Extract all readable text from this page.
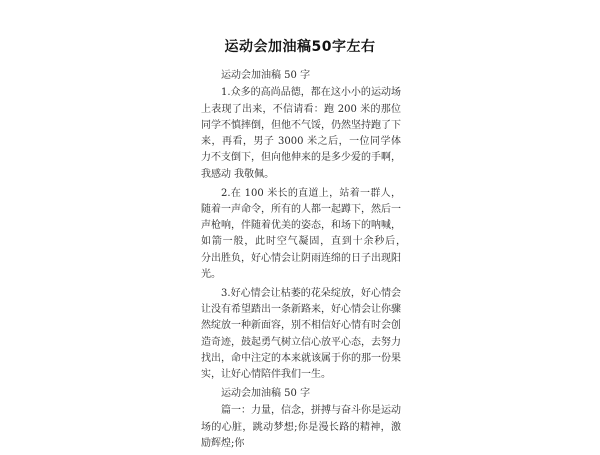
运动会加油稿50字左右
运动会加油稿 50 字
1.众多的高尚品德，都在这小小的运动场上表现了出来，不信请看：跑 200 米的那位同学不慎摔倒，但他不气馁，仍然坚持跑了下来，再看，男子 3000 米之后，一位同学体力不支倒下，但向他伸来的是多少爱的手啊，我感动 我敬佩。
2.在 100 米长的直道上，站着一群人，随着一声命令，所有的人都一起蹲下，然后一声枪响，伴随着优美的姿态，和场下的呐喊，如箭一般，此时空气凝固，直到十余秒后，　分出胜负，好心情会让阴雨连绵的日子出现阳光。
3.好心情会让枯萎的花朵绽放，好心情会让没有希望踏出一条新路来，好心情会让你骤然绽放一种新面容，别不相信好心情有时会创造奇迹，鼓起勇气树立信心放平心态，去努力找出，命中注定的本来就该属于你的那一份果实，让好心情陪伴我们一生。
运动会加油稿 50 字
篇一：力量，信念，拼搏与奋斗你是运动场的心脏，跳动梦想;你是漫长路的精神，激励辉煌;你
